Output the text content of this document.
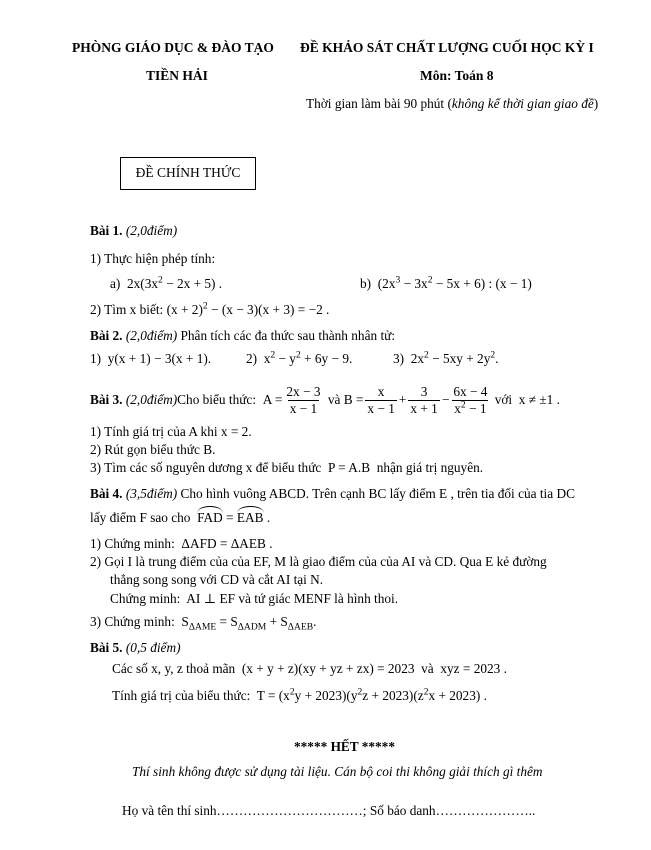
PHÒNG GIÁO DỤC & ĐÀO TẠO
TIỀN HẢI
ĐỀ KHẢO SÁT CHẤT LƯỢNG CUỐI HỌC KỲ I
Môn: Toán 8
Thời gian làm bài 90 phút (không kể thời gian giao đề)
ĐỀ CHÍNH THỨC
Bài 1. (2,0điểm)
1) Thực hiện phép tính:
a) $2x(3x^2 - 2x + 5)$ .	b) $(2x^3 - 3x^2 - 5x + 6)$ : (x − 1)
2) Tìm x biết: $(x + 2)^2 - (x - 3)(x + 3) = -2$ .
Bài 2. (2,0điểm) Phân tích các đa thức sau thành nhân tử:
1)  y(x + 1) − 3(x + 1).	2)  $x^2 - y^2 + 6y - 9$.	3)  $2x^2 - 5xy + 2y^2$.
Bài 3.
(2,0điểm) Cho biểu thức:
$A = \frac{2x - 3}{x - 1}$
và
$B = \frac{x}{x - 1} + \frac{3}{x + 1} - \frac{6x - 4}{x^2 - 1}$
với x ≠ ±1 .
1) Tính giá trị của A khi x = 2.
2) Rút gọn biểu thức B.
3) Tìm các số nguyên dương x để biểu thức  P = A.B  nhận giá trị nguyên.
Bài 4. (3,5điểm) Cho hình vuông ABCD. Trên cạnh BC lấy điểm E , trên tia đối của tia DC
lấy điểm F sao cho FAD = EAB .
1) Chứng minh:  ΔAFD = ΔAEB .
2) Gọi I là trung điểm của của EF, M là giao điểm của của AI và CD. Qua E kẻ đường
thẳng song song với CD và cắt AI tại N.
Chứng minh:  AI ⊥ EF và tứ giác MENF là hình thoi.
3) Chứng minh:  $S_{\Delta AME} = S_{\Delta ADM} + S_{\Delta AEB}$.
Bài 5. (0,5 điểm)
Các số x, y, z thoả mãn  (x + y + z)(xy + yz + zx) = 2023  và  xyz = 2023 .
Tính giá trị của biểu thức:  $T = (x^2y + 2023)(y^2z + 2023)(z^2x + 2023)$ .
***** HẾT *****
Thí sinh không được sử dụng tài liệu. Cán bộ coi thi không giải thích gì thêm
Họ và tên thí sinh……………………………; Số báo danh…………………..
